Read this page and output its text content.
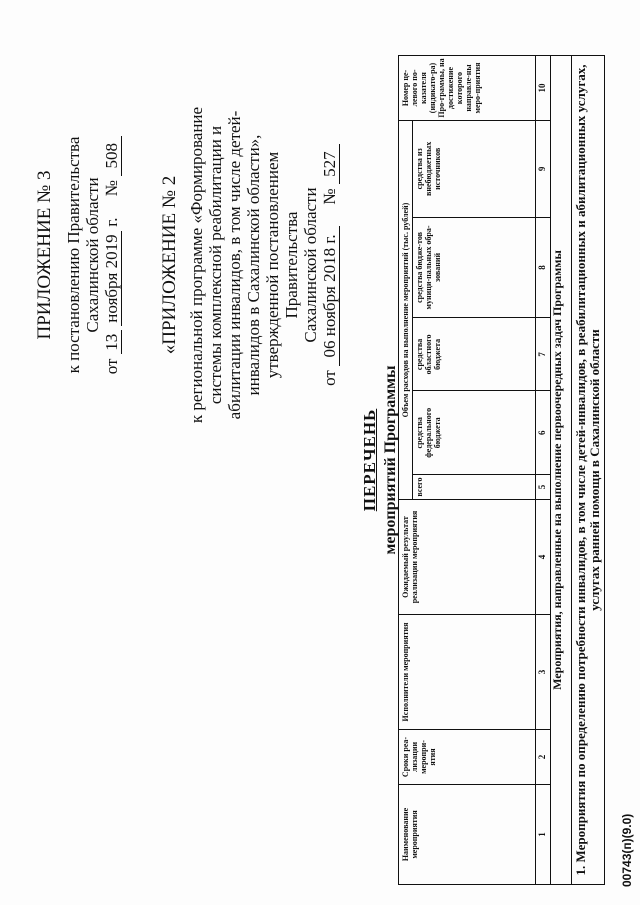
ПРИЛОЖЕНИЕ № 3 к постановлению Правительства Сахалинской области
от 13 ноября 2019 г.     № 508
«ПРИЛОЖЕНИЕ № 2 к региональной программе «Формирование системы комплексной реабилитации и абилитации инвалидов, в том числе детей- инвалидов в Сахалинской области», утвержденной постановлением Правительства Сахалинской области
от 06 ноября 2018 г.     № 527
ПЕРЕЧЕНЬ мероприятий Программы
Наименование мероприятия	Сроки реа-лизации меропри-ятия	Исполнители мероприятия	Ожидаемый результат реализации мероприятия	Объем расходов на выполнение мероприятий (тыс. рублей)					Номер це-левого по-казателя (индикато-ра) Про-граммы, на достижение которого направле-ны меро-приятия
				всего	средства федерального бюджета	средства областного бюджета	средства бюдже-тов муници-пальных обра-зований	средства из внебюджетных источников	
1	2	3	4	5	6	7	8	9	10
Мероприятия, направленные на выполнение первоочередных задач Программы									
1. Мероприятия по определению потребности инвалидов, в том числе детей-инвалидов, в реабилитационных и абилитационных услугах, услугах ранней помощи в Сахалинской области									
00743(п)(9.0)
